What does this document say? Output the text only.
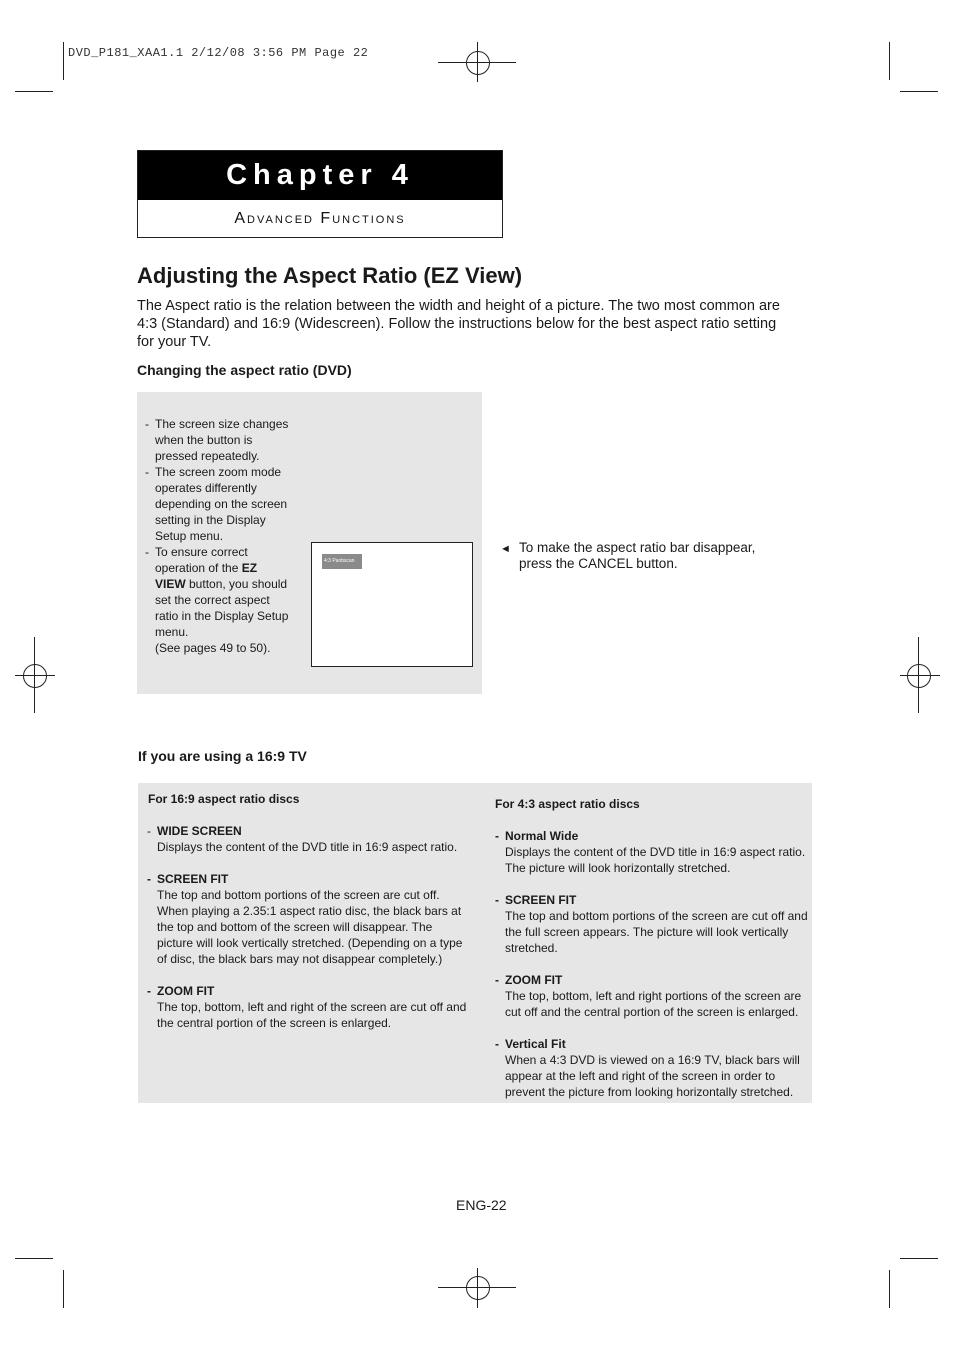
DVD_P181_XAA1.1 2/12/08 3:56 PM Page 22
Chapter 4
Advanced Functions
Adjusting the Aspect Ratio (EZ View)
The Aspect ratio is the relation between the width and height of a picture. The two most common are 4:3 (Standard) and 16:9 (Widescreen). Follow the instructions below for the best aspect ratio setting for your TV.
Changing the aspect ratio (DVD)
- The screen size changes when the button is pressed repeatedly.
- The screen zoom mode operates differently depending on the screen setting in the Display Setup menu.
- To ensure correct operation of the EZ VIEW button, you should set the correct aspect ratio in the Display Setup menu.
(See pages 49 to 50).
4:3 Panbscan
◄ To make the aspect ratio bar disappear, press the CANCEL button.
If you are using a 16:9 TV
For 16:9 aspect ratio discs
- WIDE SCREEN
Displays the content of the DVD title in 16:9 aspect ratio.
- SCREEN FIT
The top and bottom portions of the screen are cut off. When playing a 2.35:1 aspect ratio disc, the black bars at the top and bottom of the screen will disappear. The picture will look vertically stretched. (Depending on a type of disc, the black bars may not disappear completely.)
- ZOOM FIT
The top, bottom, left and right of the screen are cut off and the central portion of the screen is enlarged.
For 4:3 aspect ratio discs
- Normal Wide
Displays the content of the DVD title in 16:9 aspect ratio. The picture will look horizontally stretched.
- SCREEN FIT
The top and bottom portions of the screen are cut off and the full screen appears. The picture will look vertically stretched.
- ZOOM FIT
The top, bottom, left and right portions of the screen are cut off and the central portion of the screen is enlarged.
- Vertical Fit
When a 4:3 DVD is viewed on a 16:9 TV, black bars will appear at the left and right of the screen in order to prevent the picture from looking horizontally stretched.
ENG-22
